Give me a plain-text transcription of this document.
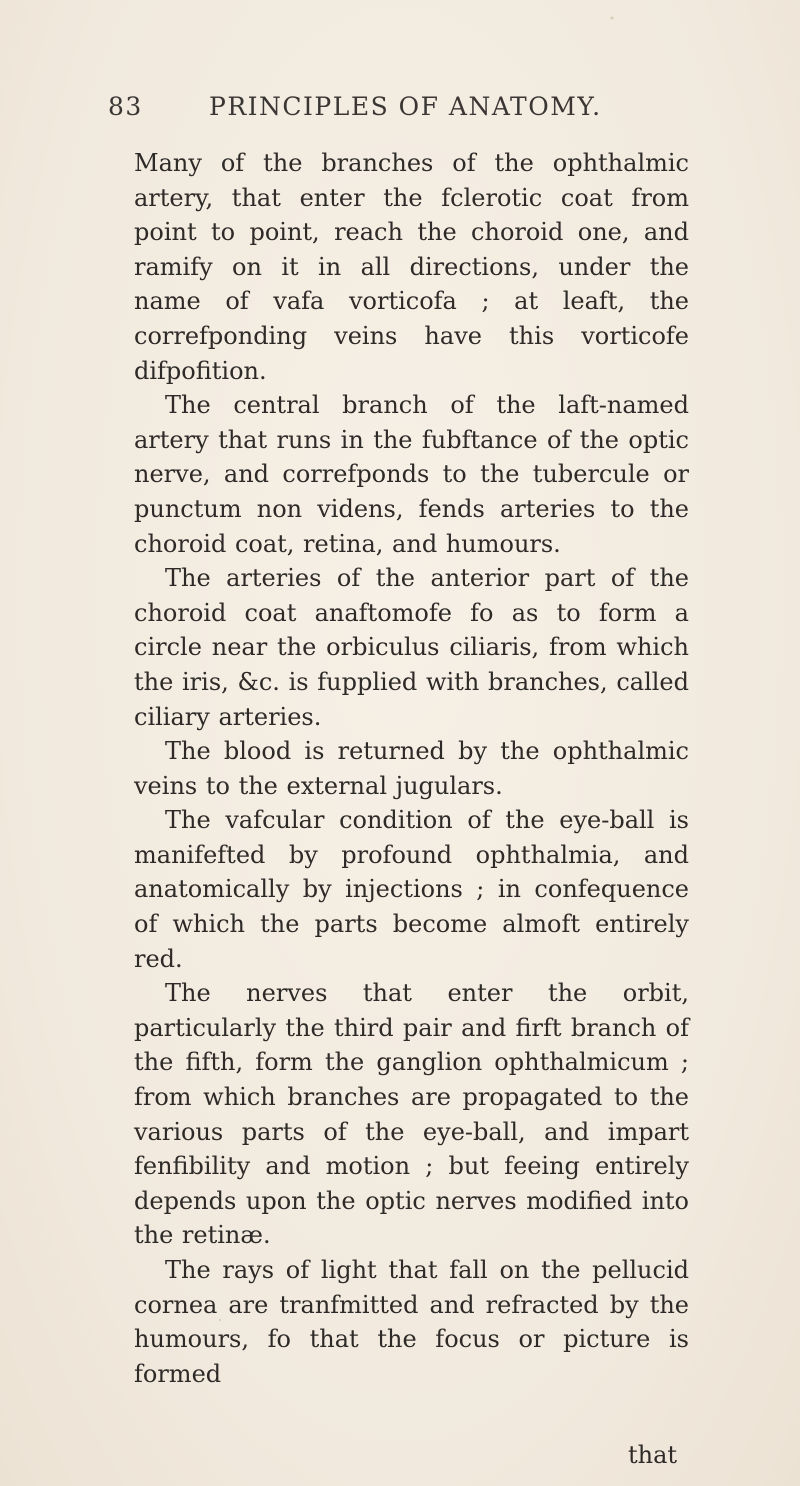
83	PRINCIPLES OF ANATOMY.

Many of the branches of the ophthalmic artery, that enter the fclerotic coat from point to point, reach the choroid one, and ramify on it in all directions, under the name of vafa vorticofa ; at leaft, the correfponding veins have this vorticofe difpofition.

The central branch of the laft-named artery that runs in the fubftance of the optic nerve, and correfponds to the tubercule or punctum non videns, fends arteries to the choroid coat, retina, and humours.

The arteries of the anterior part of the choroid coat anaftomofe fo as to form a circle near the orbiculus ciliaris, from which the iris, &c. is fupplied with branches, called ciliary arteries.

The blood is returned by the ophthalmic veins to the external jugulars.

The vafcular condition of the eye-ball is manifefted by profound ophthalmia, and anatomically by injections ; in confequence of which the parts become almoft entirely red.

The nerves that enter the orbit, particularly the third pair and firft branch of the fifth, form the ganglion ophthalmicum ; from which branches are propagated to the various parts of the eye-ball, and impart fenfibility and motion ; but feeing entirely depends upon the optic nerves modified into the retinæ.

The rays of light that fall on the pellucid cornea are tranfmitted and refracted by the humours, fo that the focus or picture is formed

that
